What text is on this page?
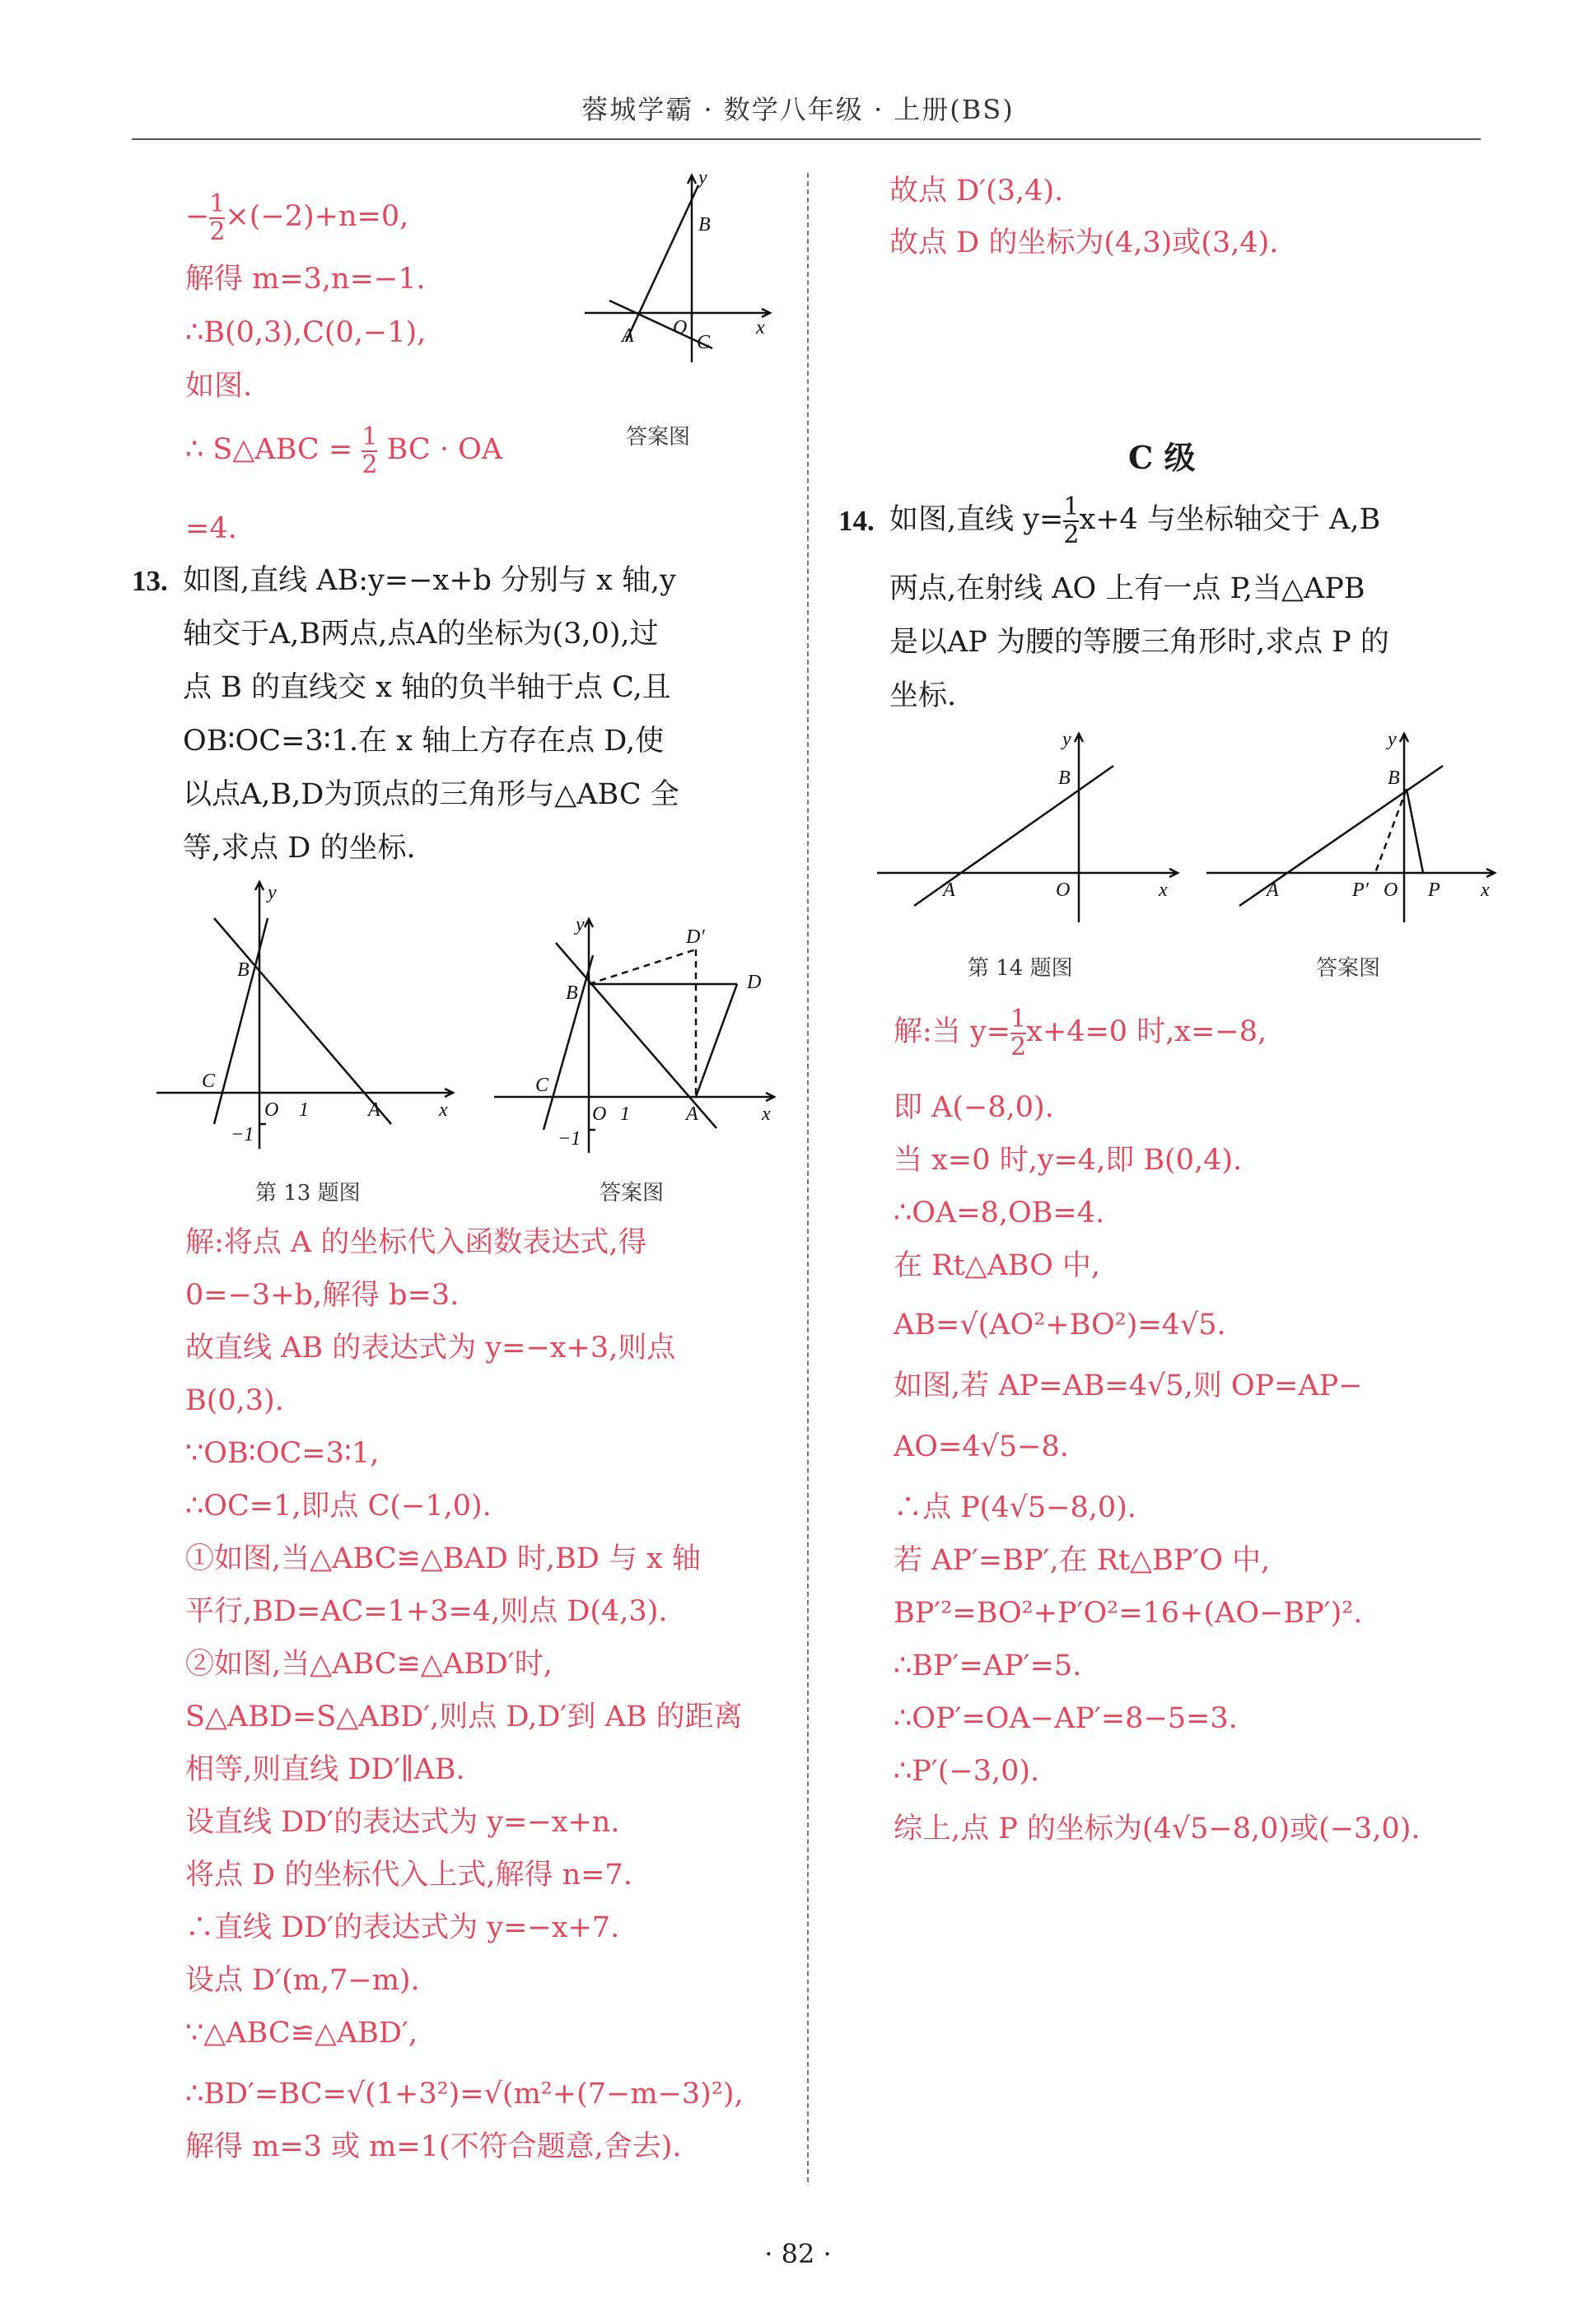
蓉城学霸 · 数学八年级 · 上册(BS)
− $\frac{1}{2} \times(-2)+n=0$,
解得 m=3,n=−1.
∴B(0,3),C(0,−1),
如图.
∴ S△ABC = $\frac{1}{2}$ BC · OA
=4.
y
B
x
A O
C
答案图
13. 如图,直线 AB:y=−x+b 分别与 x 轴,y
轴交于A,B两点,点A的坐标为(3,0),过
点 B 的直线交 x 轴的负半轴于点 C,且
OB∶OC=3∶1.在 x 轴上方存在点 D,使
以点A,B,D为顶点的三角形与△ABC 全
等,求点 D 的坐标.
y
B
C
O 1	A	x
−1
第 13 题图
y
B	D
D′
C
O 1	A	x
−1
答案图
解:将点 A 的坐标代入函数表达式,得
0=−3+b,解得 b=3.
故直线 AB 的表达式为 y=−x+3,则点
B(0,3).
∵OB∶OC=3∶1,
∴OC=1,即点 C(−1,0).
①如图,当△ABC≌△BAD 时,BD 与 x 轴
平行,BD=AC=1+3=4,则点 D(4,3).
②如图,当△ABC≌△ABD′时,
S△ABD=S△ABD′,则点 D,D′到 AB 的距离
相等,则直线 DD′∥AB.
设直线 DD′的表达式为 y=−x+n.
将点 D 的坐标代入上式,解得 n=7.
∴直线 DD′的表达式为 y=−x+7.
设点 D′(m,7−m).
∵△ABC≌△ABD′,
∴BD′=BC=√(1+3²)=√(m²+(7−m−3)²),
解得 m=3 或 m=1(不符合题意,舍去).
故点 D′(3,4).
故点 D 的坐标为(4,3)或(3,4).
C 级
14. 如图,直线 $y= \frac{1}{2} x+4$ 与坐标轴交于 A,B
两点,在射线 AO 上有一点 P,当△APB
是以AP 为腰的等腰三角形时,求点 P 的
坐标.
y
B
A	O	x
第 14 题图
y
B
A	P′ O P x
答案图
解:当 $y= \frac{1}{2} x+4=0$ 时,x=−8,
即 A(−8,0).
当 x=0 时,y=4,即 B(0,4).
∴OA=8,OB=4.
在 Rt△ABO 中,
AB=√(AO²+BO²)=4√5.
如图,若 AP=AB=4√5,则 OP=AP−
AO=4√5−8.
∴点 P(4√5−8,0).
若 AP′=BP′,在 Rt△BP′O 中,
BP′²=BO²+P′O²=16+(AO−BP′)².
∴BP′=AP′=5.
∴OP′=OA−AP′=8−5=3.
∴P′(−3,0).
综上,点 P 的坐标为(4√5−8,0)或(−3,0).
· 82 ·
